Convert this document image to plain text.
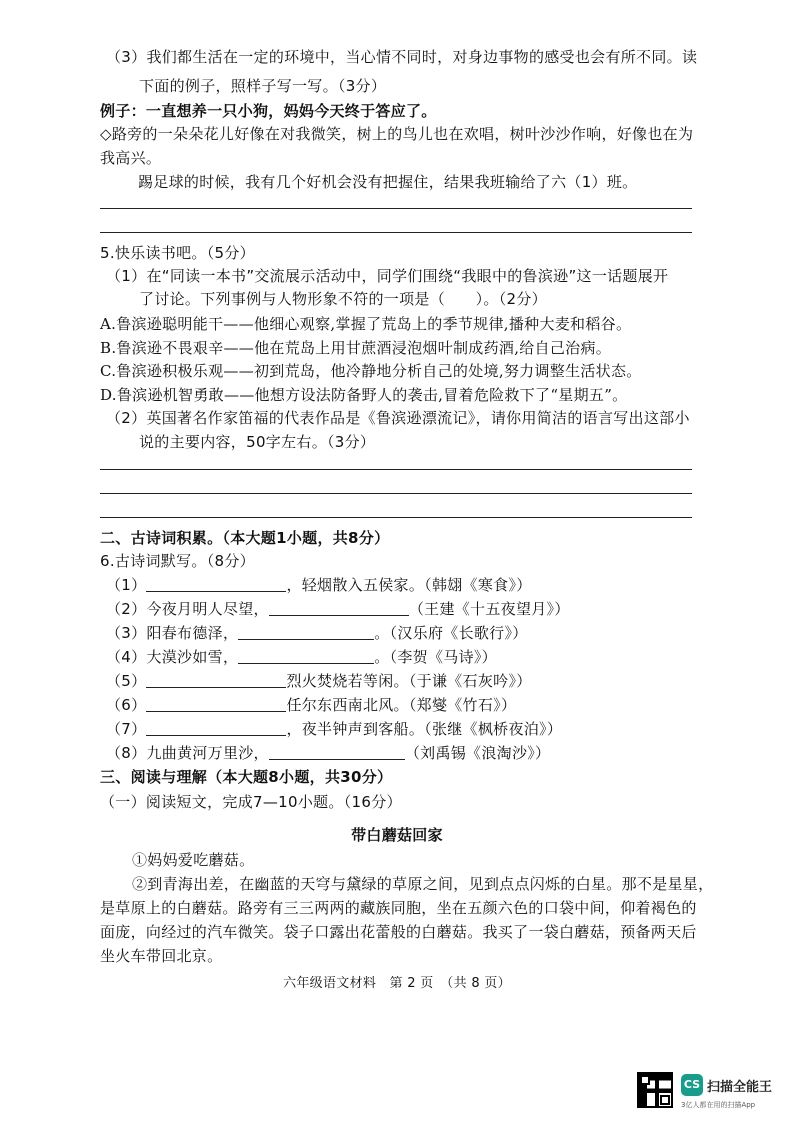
（3）我们都生活在一定的环境中，当心情不同时，对身边事物的感受也会有所不同。读
下面的例子，照样子写一写。（3分）
例子：一直想养一只小狗，妈妈今天终于答应了。
◇路旁的一朵朵花儿好像在对我微笑，树上的鸟儿也在欢唱，树叶沙沙作响，好像也在为
我高兴。
踢足球的时候，我有几个好机会没有把握住，结果我班输给了六（1）班。
5.快乐读书吧。（5分）
（1）在“同读一本书”交流展示活动中，同学们围绕“我眼中的鲁滨逊”这一话题展开
了讨论。下列事例与人物形象不符的一项是（　　）。（2分）
A.鲁滨逊聪明能干——他细心观察,掌握了荒岛上的季节规律,播种大麦和稻谷。
B.鲁滨逊不畏艰辛——他在荒岛上用甘蔗酒浸泡烟叶制成药酒,给自己治病。
C.鲁滨逊积极乐观——初到荒岛，他冷静地分析自己的处境,努力调整生活状态。
D.鲁滨逊机智勇敢——他想方设法防备野人的袭击,冒着危险救下了“星期五”。
（2）英国著名作家笛福的代表作品是《鲁滨逊漂流记》，请你用简洁的语言写出这部小
说的主要内容，50字左右。（3分）
二、古诗词积累。（本大题1小题，共8分）
6.古诗词默写。（8分）
（1）	，轻烟散入五侯家。（韩翃《寒食》）
（2）今夜月明人尽望，	（王建《十五夜望月》）
（3）阳春布德泽，	。（汉乐府《长歌行》）
（4）大漠沙如雪，	。（李贺《马诗》）
（5）	烈火焚烧若等闲。（于谦《石灰吟》）
（6）	任尔东西南北风。（郑燮《竹石》）
（7）	，夜半钟声到客船。（张继《枫桥夜泊》）
（8）九曲黄河万里沙，	（刘禹锡《浪淘沙》）
三、阅读与理解（本大题8小题，共30分）
（一）阅读短文，完成7—10小题。（16分）
带白蘑菇回家
①妈妈爱吃蘑菇。
②到青海出差，在幽蓝的天穹与黛绿的草原之间，见到点点闪烁的白星。那不是星星，
是草原上的白蘑菇。路旁有三三两两的藏族同胞，坐在五颜六色的口袋中间，仰着褐色的
面庞，向经过的汽车微笑。袋子口露出花蕾般的白蘑菇。我买了一袋白蘑菇，预备两天后
坐火车带回北京。
六年级语文材料　第 2 页　（共 8 页）
CS 扫描全能王
3亿人都在用的扫描App
